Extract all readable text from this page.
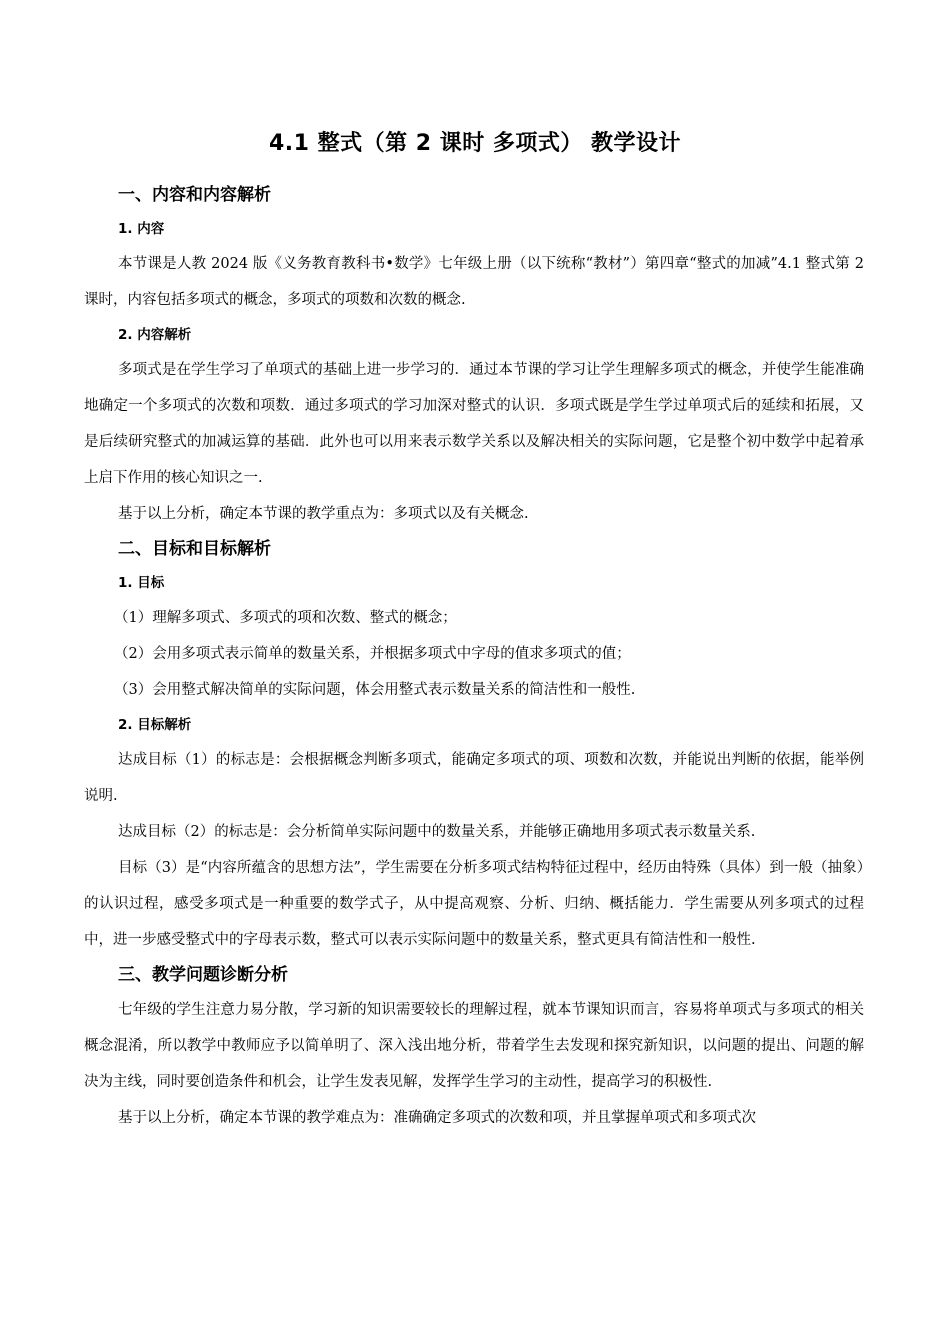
4.1 整式（第 2 课时 多项式） 教学设计
一、内容和内容解析
1. 内容

本节课是人教 2024 版《义务教育教科书•数学》七年级上册（以下统称“教材”）第四章“整式的加减”4.1 整式第 2 课时，内容包括多项式的概念，多项式的项数和次数的概念.

2. 内容解析

多项式是在学生学习了单项式的基础上进一步学习的．通过本节课的学习让学生理解多项式的概念，并使学生能准确地确定一个多项式的次数和项数．通过多项式的学习加深对整式的认识．多项式既是学生学过单项式后的延续和拓展，又是后续研究整式的加减运算的基础．此外也可以用来表示数学关系以及解决相关的实际问题，它是整个初中数学中起着承上启下作用的核心知识之一.

基于以上分析，确定本节课的教学重点为：多项式以及有关概念.

二、目标和目标解析
1. 目标
（1）理解多项式、多项式的项和次数、整式的概念；
（2）会用多项式表示简单的数量关系，并根据多项式中字母的值求多项式的值；
（3）会用整式解决简单的实际问题，体会用整式表示数量关系的简洁性和一般性.
2. 目标解析

达成目标（1）的标志是：会根据概念判断多项式，能确定多项式的项、项数和次数，并能说出判断的依据，能举例说明.

达成目标（2）的标志是：会分析简单实际问题中的数量关系，并能够正确地用多项式表示数量关系.

目标（3）是“内容所蕴含的思想方法”，学生需要在分析多项式结构特征过程中，经历由特殊（具体）到一般（抽象）的认识过程，感受多项式是一种重要的数学式子，从中提高观察、分析、归纳、概括能力．学生需要从列多项式的过程中，进一步感受整式中的字母表示数，整式可以表示实际问题中的数量关系，整式更具有简洁性和一般性.

三、教学问题诊断分析

七年级的学生注意力易分散，学习新的知识需要较长的理解过程，就本节课知识而言，容易将单项式与多项式的相关概念混淆，所以教学中教师应予以简单明了、深入浅出地分析，带着学生去发现和探究新知识，以问题的提出、问题的解决为主线，同时要创造条件和机会，让学生发表见解，发挥学生学习的主动性，提高学习的积极性.

基于以上分析，确定本节课的教学难点为：准确确定多项式的次数和项，并且掌握单项式和多项式次
